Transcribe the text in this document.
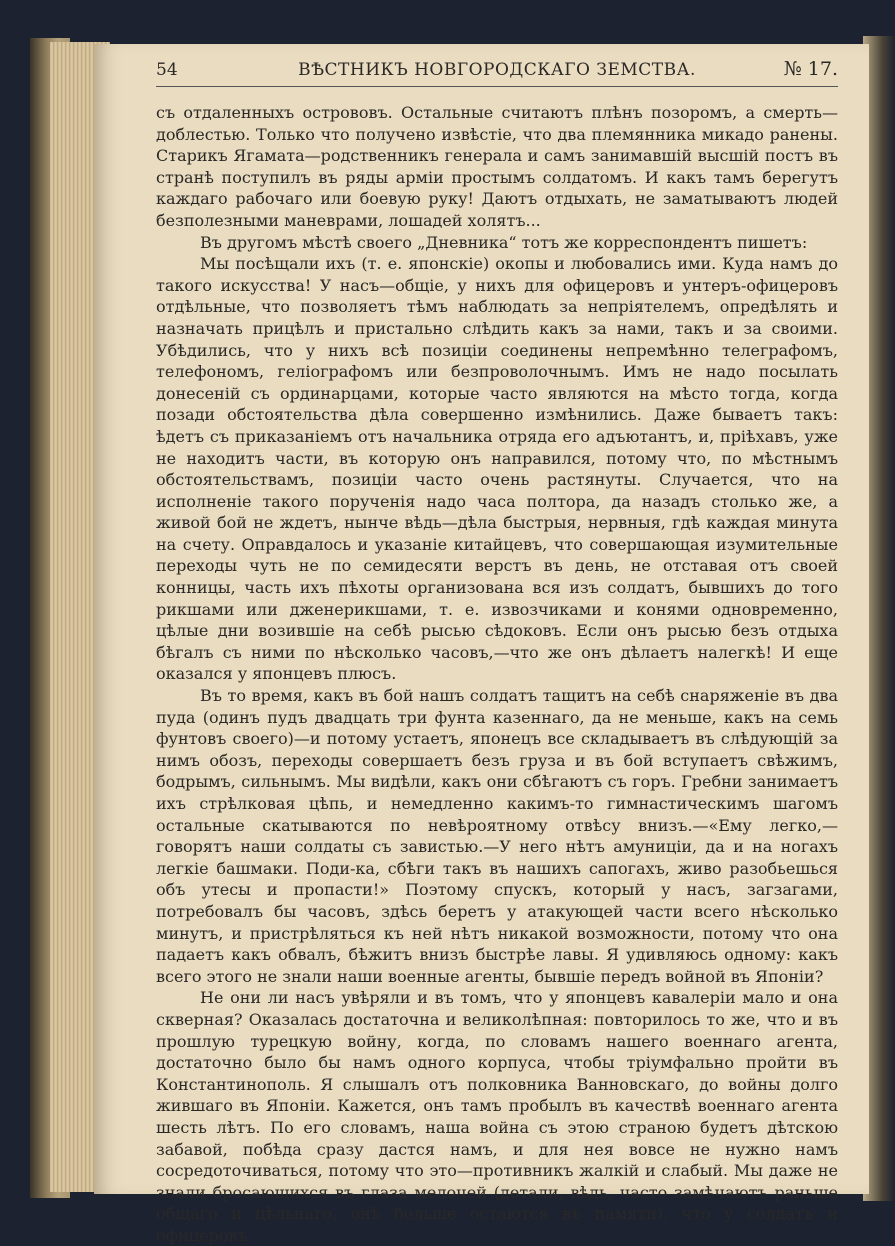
54	ВѢСТНИКЪ НОВГОРОДСКАГО ЗЕМСТВА.	№ 17.

съ отдаленныхъ острововъ. Остальные считаютъ плѣнъ позоромъ, а смерть—доблестью. Только что получено извѣстіе, что два племянника микадо ранены. Старикъ Ягамата—родственникъ генерала и самъ занимавшій высшій постъ въ странѣ поступилъ въ ряды арміи простымъ солдатомъ. И какъ тамъ берегутъ каждаго рабочаго или боевую руку! Даютъ отдыхать, не заматываютъ людей безполезными маневрами, лошадей холятъ...

Въ другомъ мѣстѣ своего „Дневника“ тотъ же корреспондентъ пишетъ:

Мы посѣщали ихъ (т. е. японскіе) окопы и любовались ими. Куда намъ до такого искусства! У насъ—общіе, у нихъ для офицеровъ и унтеръ-офицеровъ отдѣльные, что позволяетъ тѣмъ наблюдать за непріятелемъ, опредѣлять и назначать прицѣлъ и пристально слѣдить какъ за нами, такъ и за своими. Убѣдились, что у нихъ всѣ позиціи соединены непремѣнно телеграфомъ, телефономъ, геліографомъ или безпроволочнымъ. Имъ не надо посылать донесеній съ ординарцами, которые часто являются на мѣсто тогда, когда позади обстоятельства дѣла совершенно измѣнились. Даже бываетъ такъ: ѣдетъ съ приказаніемъ отъ начальника отряда его адъютантъ, и, пріѣхавъ, уже не находитъ части, въ которую онъ направился, потому что, по мѣстнымъ обстоятельствамъ, позиціи часто очень растянуты. Случается, что на исполненіе такого порученія надо часа полтора, да назадъ столько же, а живой бой не ждетъ, нынче вѣдь—дѣла быстрыя, нервныя, гдѣ каждая минута на счету. Оправдалось и указаніе китайцевъ, что совершающая изумительные переходы чуть не по семидесяти верстъ въ день, не отставая отъ своей конницы, часть ихъ пѣхоты организована вся изъ солдатъ, бывшихъ до того рикшами или дженерикшами, т. е. извозчиками и конями одновременно, цѣлые дни возившіе на себѣ рысью сѣдоковъ. Если онъ рысью безъ отдыха бѣгалъ съ ними по нѣсколько часовъ,—что же онъ дѣлаетъ налегкѣ! И еще оказался у японцевъ плюсъ.

Въ то время, какъ въ бой нашъ солдатъ тащитъ на себѣ снаряженіе въ два пуда (одинъ пудъ двадцать три фунта казеннаго, да не меньше, какъ на семь фунтовъ своего)—и потому устаетъ, японецъ все складываетъ въ слѣдующій за нимъ обозъ, переходы совершаетъ безъ груза и въ бой вступаетъ свѣжимъ, бодрымъ, сильнымъ. Мы видѣли, какъ они сбѣгаютъ съ горъ. Гребни занимаетъ ихъ стрѣлковая цѣпь, и немедленно какимъ-то гимнастическимъ шагомъ остальные скатываются по невѣроятному отвѣсу внизъ.—«Ему легко,—говорятъ наши солдаты съ завистью.—У него нѣтъ амуниціи, да и на ногахъ легкіе башмаки. Поди-ка, сбѣги такъ въ нашихъ сапогахъ, живо разобьешься объ утесы и пропасти!» Поэтому спускъ, который у насъ, загзагами, потребовалъ бы часовъ, здѣсь беретъ у атакующей части всего нѣсколько минутъ, и пристрѣляться къ ней нѣтъ никакой возможности, потому что она падаетъ какъ обвалъ, бѣжитъ внизъ быстрѣе лавы. Я удивляюсь одному: какъ всего этого не знали наши военные агенты, бывшіе передъ войной въ Японіи?

Не они ли насъ увѣряли и въ томъ, что у японцевъ кавалеріи мало и она скверная? Оказалась достаточна и великолѣпная: повторилось то же, что и въ прошлую турецкую войну, когда, по словамъ нашего военнаго агента, достаточно было бы намъ одного корпуса, чтобы тріумфально пройти въ Константинополь. Я слышалъ отъ полковника Ванновскаго, до войны долго жившаго въ Японіи. Кажется, онъ тамъ пробылъ въ качествѣ военнаго агента шесть лѣтъ. По его словамъ, наша война съ этою страною будетъ дѣтскою забавой, побѣда сразу дастся намъ, и для нея вовсе не нужно намъ сосредоточиваться, потому что это—противникъ жалкій и слабый. Мы даже не знали бросающихся въ глаза мелочей (детали, вѣдь, часто замѣчаютъ раньше общаго и цѣльнаго, онѣ больше остаются въ памяти), что у солдатъ и офицеровъ
